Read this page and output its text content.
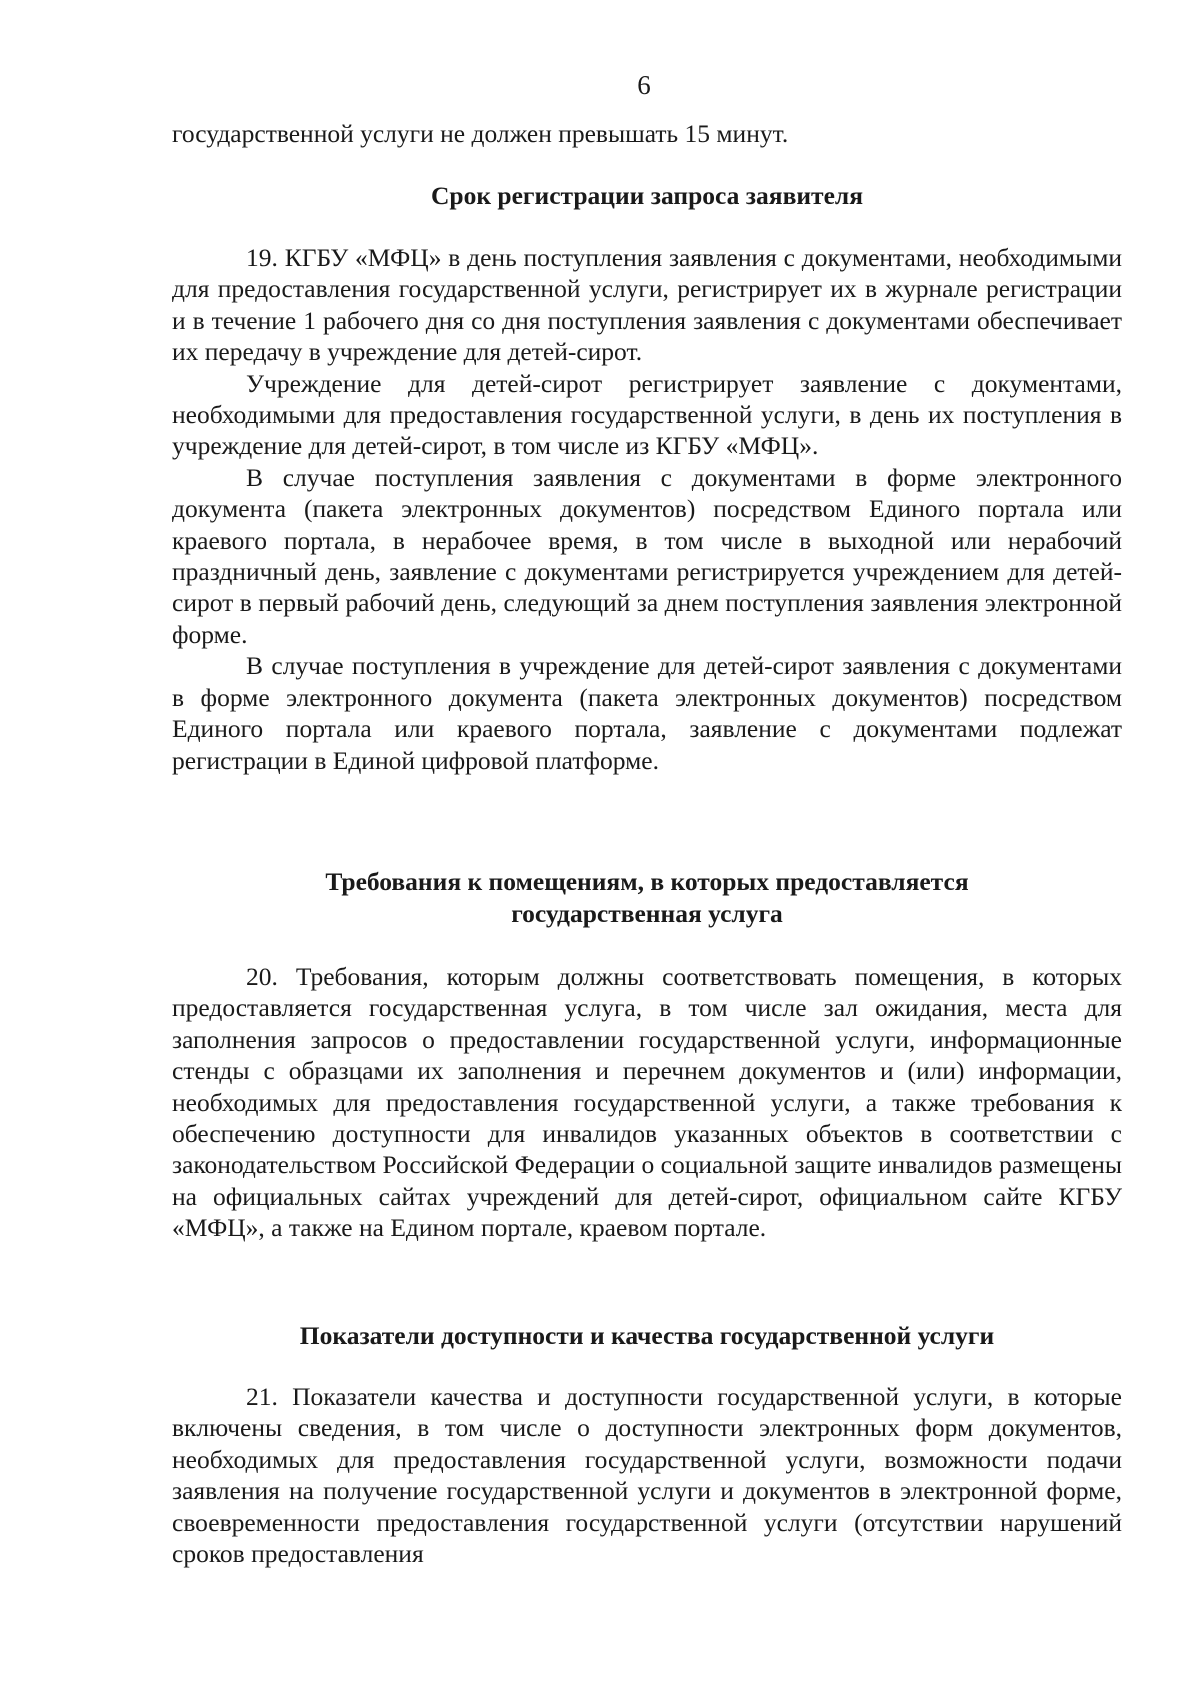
6

государственной услуги не должен превышать 15 минут.

Срок регистрации запроса заявителя

19. КГБУ «МФЦ» в день поступления заявления с документами, необходимыми для предоставления государственной услуги, регистрирует их в журнале регистрации и в течение 1 рабочего дня со дня поступления заявления с документами обеспечивает их передачу в учреждение для детей-сирот.

Учреждение для детей-сирот регистрирует заявление с документами, необходимыми для предоставления государственной услуги, в день их поступления в учреждение для детей-сирот, в том числе из КГБУ «МФЦ».

В случае поступления заявления с документами в форме электронного документа (пакета электронных документов) посредством Единого портала или краевого портала, в нерабочее время, в том числе в выходной или нерабочий праздничный день, заявление с документами регистрируется учреждением для детей-сирот в первый рабочий день, следующий за днем поступления заявления электронной форме.

В случае поступления в учреждение для детей-сирот заявления с документами в форме электронного документа (пакета электронных документов) посредством Единого портала или краевого портала, заявление с документами подлежат регистрации в Единой цифровой платформе.

Требования к помещениям, в которых предоставляется
государственная услуга

20. Требования, которым должны соответствовать помещения, в которых предоставляется государственная услуга, в том числе зал ожидания, места для заполнения запросов о предоставлении государственной услуги, информационные стенды с образцами их заполнения и перечнем документов и (или) информации, необходимых для предоставления государственной услуги, а также требования к обеспечению доступности для инвалидов указанных объектов в соответствии с законодательством Российской Федерации о социальной защите инвалидов размещены на официальных сайтах учреждений для детей-сирот, официальном сайте КГБУ «МФЦ», а также на Едином портале, краевом портале.

Показатели доступности и качества государственной услуги

21. Показатели качества и доступности государственной услуги, в которые включены сведения, в том числе о доступности электронных форм документов, необходимых для предоставления государственной услуги, возможности подачи заявления на получение государственной услуги и документов в электронной форме, своевременности предоставления государственной услуги (отсутствии нарушений сроков предоставления
